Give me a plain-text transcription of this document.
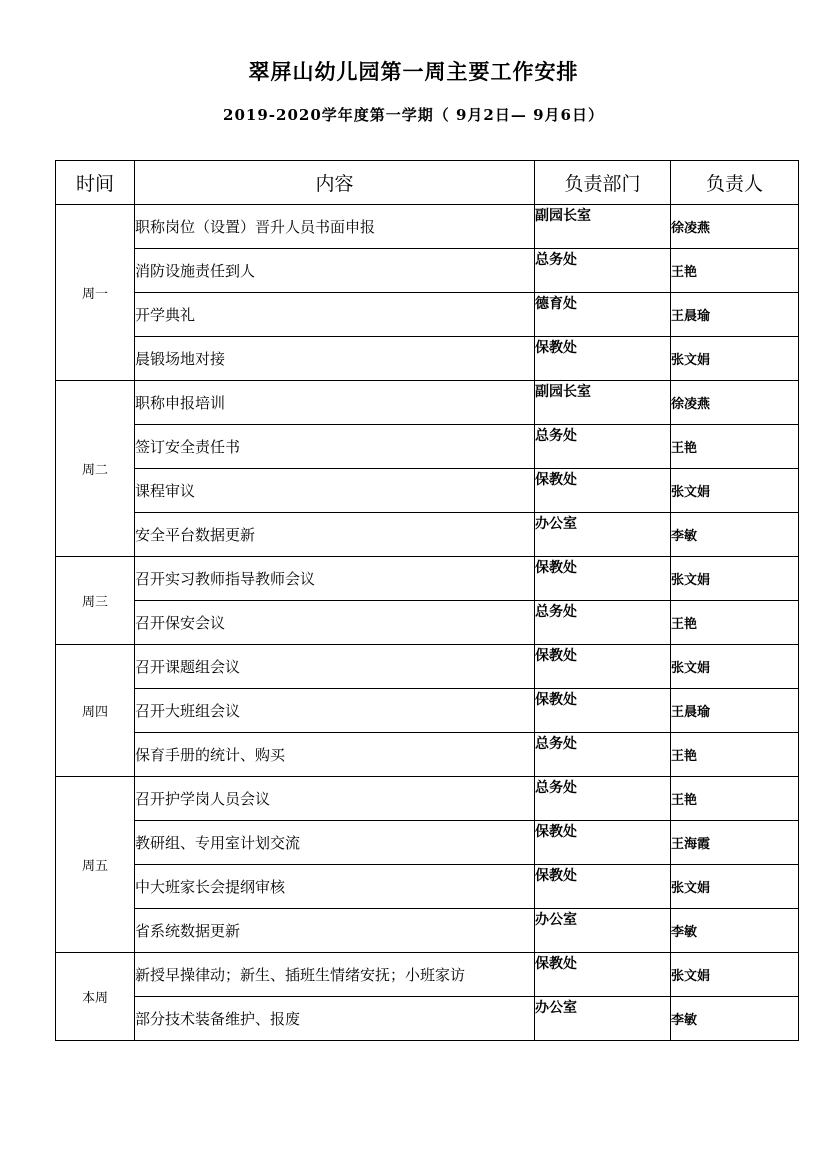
翠屏山幼儿园第一周主要工作安排
2019-2020学年度第一学期（ 9月2日— 9月6日）
时间	内容	负责部门	负责人
周一	职称岗位（设置）晋升人员书面申报	副园长室	徐凌燕
	消防设施责任到人	总务处	王艳
	开学典礼	德育处	王晨瑜
	晨锻场地对接	保教处	张文娟
周二	职称申报培训	副园长室	徐凌燕
	签订安全责任书	总务处	王艳
	课程审议	保教处	张文娟
	安全平台数据更新	办公室	李敏
周三	召开实习教师指导教师会议	保教处	张文娟
	召开保安会议	总务处	王艳
周四	召开课题组会议	保教处	张文娟
	召开大班组会议	保教处	王晨瑜
	保育手册的统计、购买	总务处	王艳
周五	召开护学岗人员会议	总务处	王艳
	教研组、专用室计划交流	保教处	王海霞
	中大班家长会提纲审核	保教处	张文娟
	省系统数据更新	办公室	李敏
本周	新授早操律动；新生、插班生情绪安抚；小班家访	保教处	张文娟
	部分技术装备维护、报废	办公室	李敏
